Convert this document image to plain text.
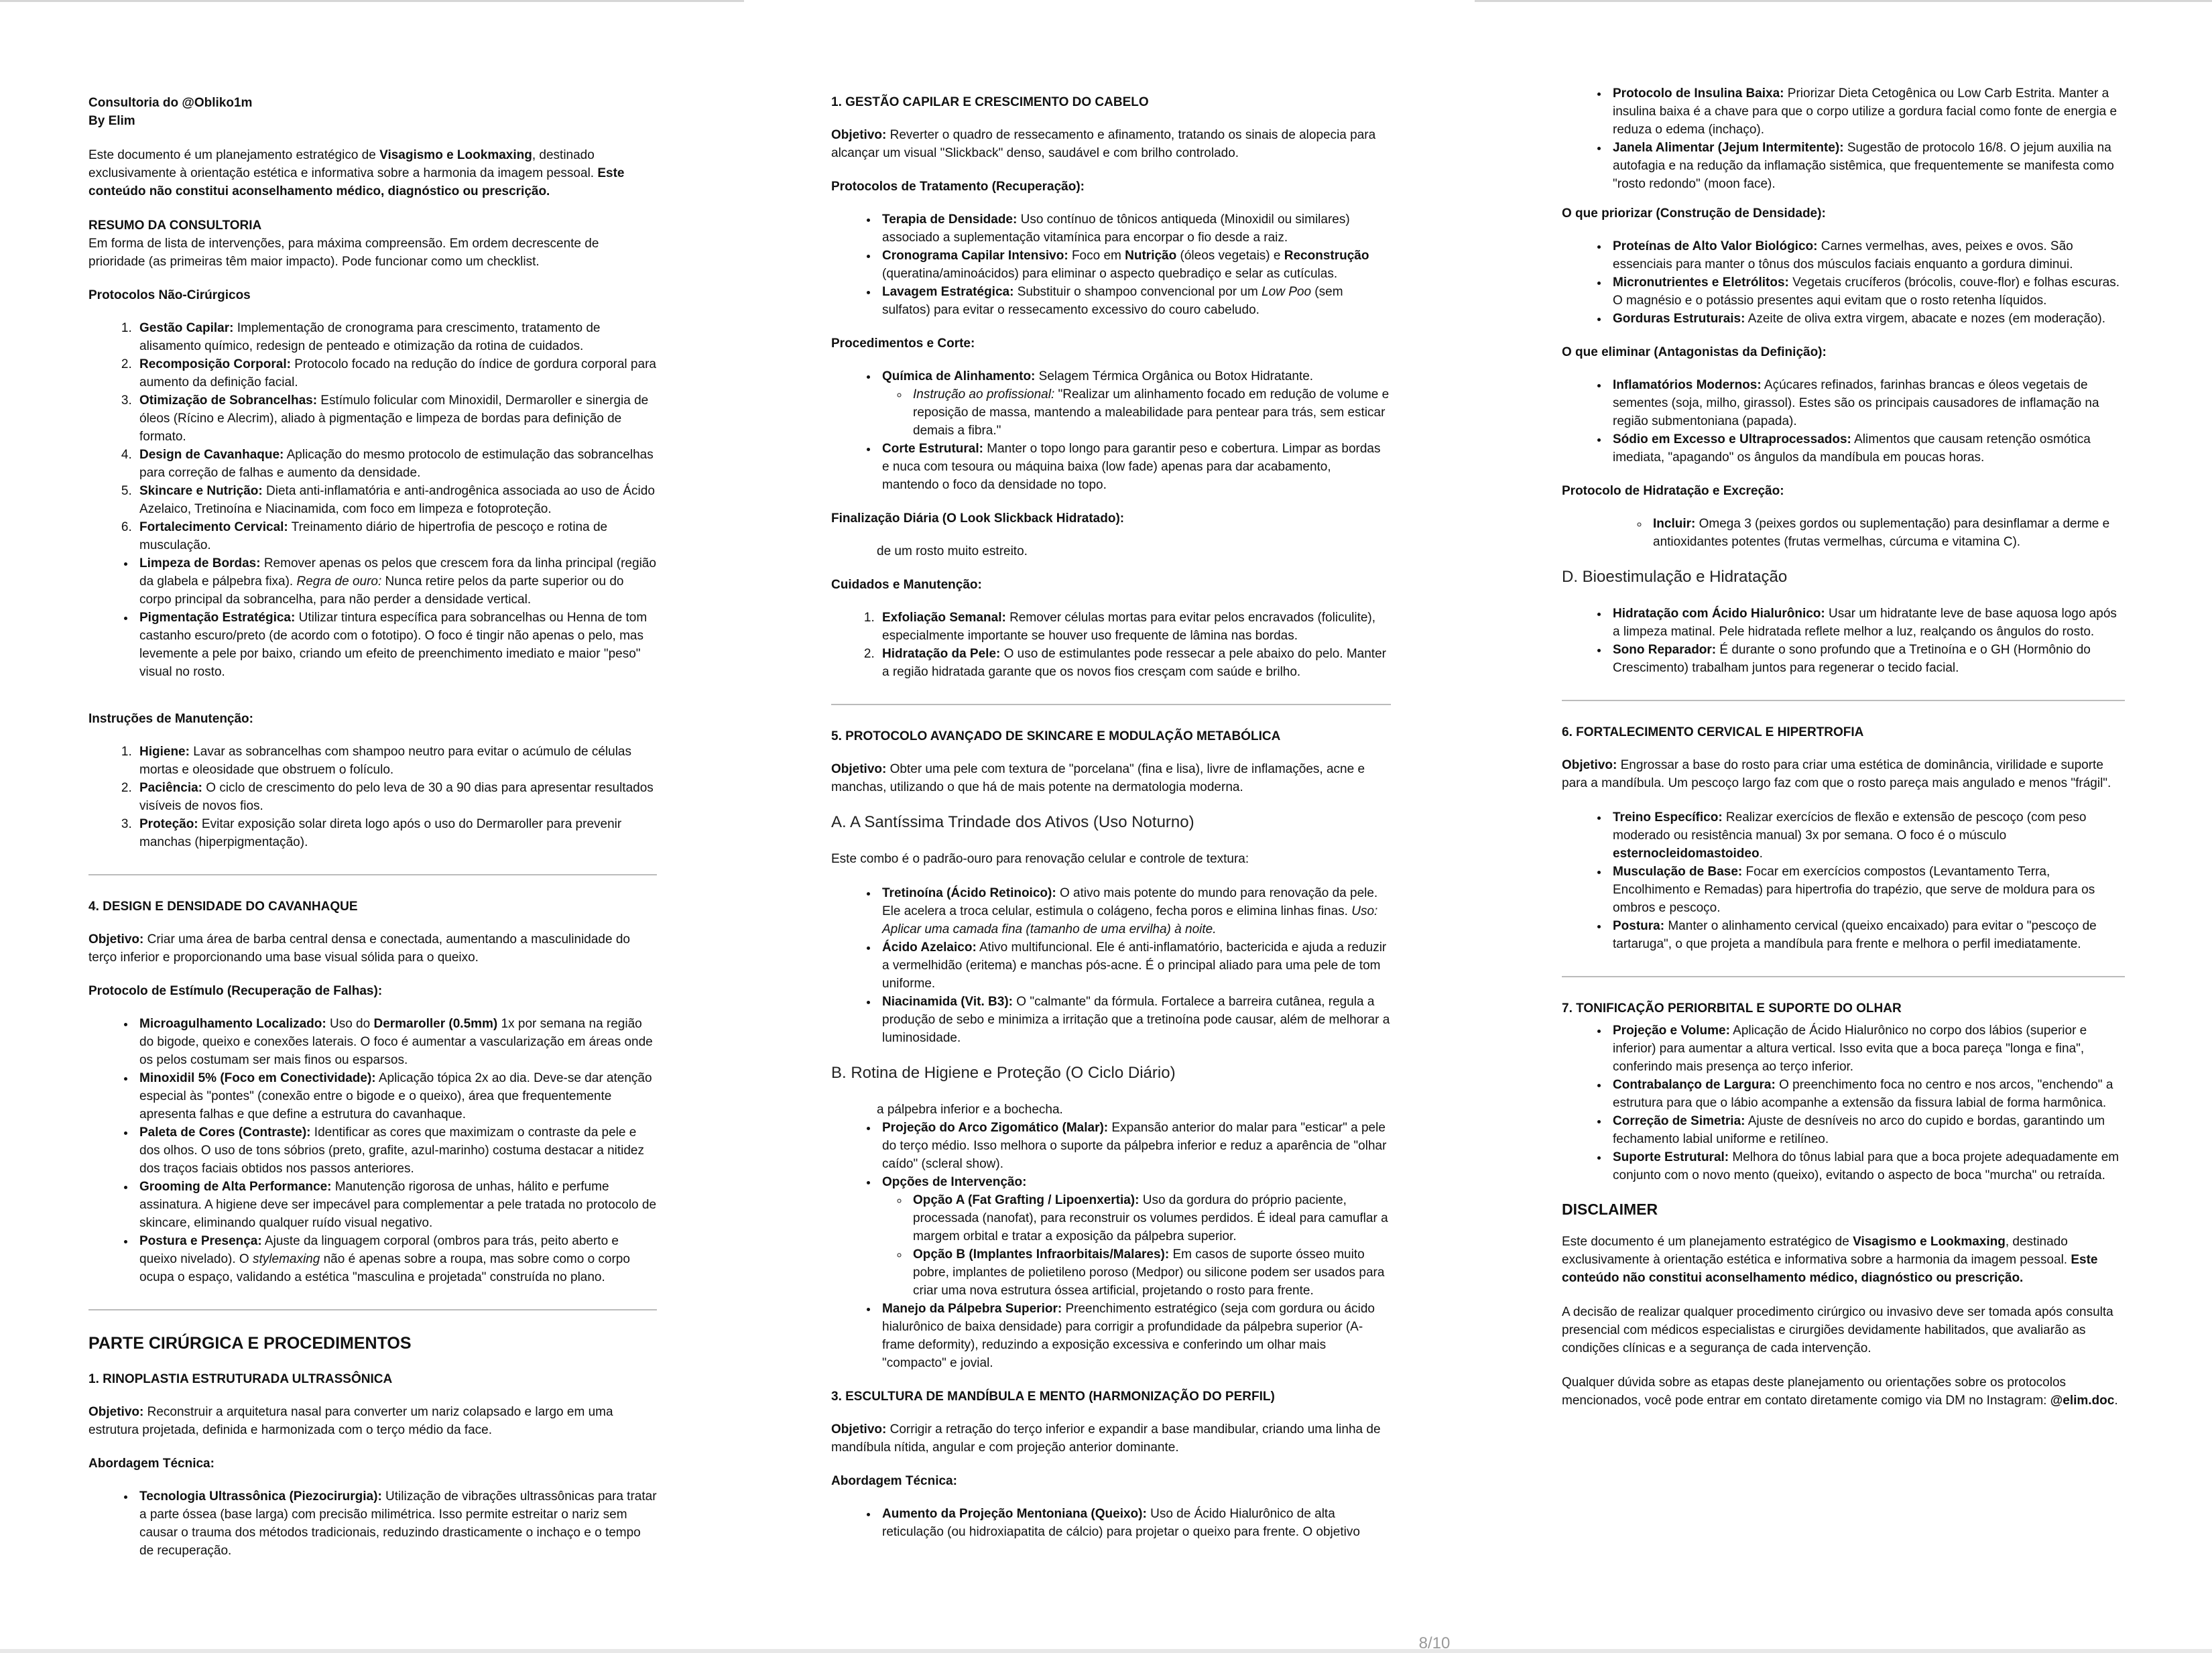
Consultoria do @Obliko1m
By Elim

Este documento é um planejamento estratégico de Visagismo e Lookmaxing, destinado exclusivamente à orientação estética e informativa sobre a harmonia da imagem pessoal. Este conteúdo não constitui aconselhamento médico, diagnóstico ou prescrição.

RESUMO DA CONSULTORIA
Em forma de lista de intervenções, para máxima compreensão. Em ordem decrescente de prioridade (as primeiras têm maior impacto). Pode funcionar como um checklist.

Protocolos Não-Cirúrgicos
1. Gestão Capilar: Implementação de cronograma para crescimento, tratamento de alisamento químico, redesign de penteado e otimização da rotina de cuidados.
2. Recomposição Corporal: Protocolo focado na redução do índice de gordura corporal para aumento da definição facial.
3. Otimização de Sobrancelhas: Estímulo folicular com Minoxidil, Dermaroller e sinergia de óleos (Rícino e Alecrim), aliado à pigmentação e limpeza de bordas para definição de formato.
4. Design de Cavanhaque: Aplicação do mesmo protocolo de estimulação das sobrancelhas para correção de falhas e aumento da densidade.
5. Skincare e Nutrição: Dieta anti-inflamatória e anti-androgênica associada ao uso de Ácido Azelaico, Tretinoína e Niacinamida, com foco em limpeza e fotoproteção.
6. Fortalecimento Cervical: Treinamento diário de hipertrofia de pescoço e rotina de musculação.
• Limpeza de Bordas: Remover apenas os pelos que crescem fora da linha principal (região da glabela e pálpebra fixa). Regra de ouro: Nunca retire pelos da parte superior ou do corpo principal da sobrancelha, para não perder a densidade vertical.
• Pigmentação Estratégica: Utilizar tintura específica para sobrancelhas ou Henna de tom castanho escuro/preto (de acordo com o fototipo). O foco é tingir não apenas o pelo, mas levemente a pele por baixo, criando um efeito de preenchimento imediato e maior "peso" visual no rosto.
Instruções de Manutenção:
1. Higiene: Lavar as sobrancelhas com shampoo neutro para evitar o acúmulo de células mortas e oleosidade que obstruem o folículo.
2. Paciência: O ciclo de crescimento do pelo leva de 30 a 90 dias para apresentar resultados visíveis de novos fios.
3. Proteção: Evitar exposição solar direta logo após o uso do Dermaroller para prevenir manchas (hiperpigmentação).
4. DESIGN E DENSIDADE DO CAVANHAQUE

Objetivo: Criar uma área de barba central densa e conectada, aumentando a masculinidade do terço inferior e proporcionando uma base visual sólida para o queixo.

Protocolo de Estímulo (Recuperação de Falhas):
• Microagulhamento Localizado: Uso do Dermaroller (0.5mm) 1x por semana na região do bigode, queixo e conexões laterais. O foco é aumentar a vascularização em áreas onde os pelos costumam ser mais finos ou esparsos.
• Minoxidil 5% (Foco em Conectividade): Aplicação tópica 2x ao dia. Deve-se dar atenção especial às "pontes" (conexão entre o bigode e o queixo), área que frequentemente apresenta falhas e que define a estrutura do cavanhaque.
• Paleta de Cores (Contraste): Identificar as cores que maximizam o contraste da pele e dos olhos. O uso de tons sóbrios (preto, grafite, azul-marinho) costuma destacar a nitidez dos traços faciais obtidos nos passos anteriores.
• Grooming de Alta Performance: Manutenção rigorosa de unhas, hálito e perfume assinatura. A higiene deve ser impecável para complementar a pele tratada no protocolo de skincare, eliminando qualquer ruído visual negativo.
• Postura e Presença: Ajuste da linguagem corporal (ombros para trás, peito aberto e queixo nivelado). O stylemaxing não é apenas sobre a roupa, mas sobre como o corpo ocupa o espaço, validando a estética "masculina e projetada" construída no plano.
PARTE CIRÚRGICA E PROCEDIMENTOS
1. RINOPLASTIA ESTRUTURADA ULTRASSÔNICA

Objetivo: Reconstruir a arquitetura nasal para converter um nariz colapsado e largo em uma estrutura projetada, definida e harmonizada com o terço médio da face.

Abordagem Técnica:
• Tecnologia Ultrassônica (Piezocirurgia): Utilização de vibrações ultrassônicas para tratar a parte óssea (base larga) com precisão milimétrica. Isso permite estreitar o nariz sem causar o trauma dos métodos tradicionais, reduzindo drasticamente o inchaço e o tempo de recuperação.
1. GESTÃO CAPILAR E CRESCIMENTO DO CABELO

Objetivo: Reverter o quadro de ressecamento e afinamento, tratando os sinais de alopecia para alcançar um visual "Slickback" denso, saudável e com brilho controlado.

Protocolos de Tratamento (Recuperação):
• Terapia de Densidade: Uso contínuo de tônicos antiqueda (Minoxidil ou similares) associado a suplementação vitamínica para encorpar o fio desde a raiz.
• Cronograma Capilar Intensivo: Foco em Nutrição (óleos vegetais) e Reconstrução (queratina/aminoácidos) para eliminar o aspecto quebradiço e selar as cutículas.
• Lavagem Estratégica: Substituir o shampoo convencional por um Low Poo (sem sulfatos) para evitar o ressecamento excessivo do couro cabeludo.
Procedimentos e Corte:
• Química de Alinhamento: Selagem Térmica Orgânica ou Botox Hidratante.
◦ Instrução ao profissional: "Realizar um alinhamento focado em redução de volume e reposição de massa, mantendo a maleabilidade para pentear para trás, sem esticar demais a fibra."
• Corte Estrutural: Manter o topo longo para garantir peso e cobertura. Limpar as bordas e nuca com tesoura ou máquina baixa (low fade) apenas para dar acabamento, mantendo o foco da densidade no topo.
Finalização Diária (O Look Slickback Hidratado):

de um rosto muito estreito.

Cuidados e Manutenção:
1. Exfoliação Semanal: Remover células mortas para evitar pelos encravados (foliculite), especialmente importante se houver uso frequente de lâmina nas bordas.
2. Hidratação da Pele: O uso de estimulantes pode ressecar a pele abaixo do pelo. Manter a região hidratada garante que os novos fios cresçam com saúde e brilho.
5. PROTOCOLO AVANÇADO DE SKINCARE E MODULAÇÃO METABÓLICA

Objetivo: Obter uma pele com textura de "porcelana" (fina e lisa), livre de inflamações, acne e manchas, utilizando o que há de mais potente na dermatologia moderna.

A. A Santíssima Trindade dos Ativos (Uso Noturno)

Este combo é o padrão-ouro para renovação celular e controle de textura:

• Tretinoína (Ácido Retinoico): O ativo mais potente do mundo para renovação da pele. Ele acelera a troca celular, estimula o colágeno, fecha poros e elimina linhas finas. Uso: Aplicar uma camada fina (tamanho de uma ervilha) à noite.
• Ácido Azelaico: Ativo multifuncional. Ele é anti-inflamatório, bactericida e ajuda a reduzir a vermelhidão (eritema) e manchas pós-acne. É o principal aliado para uma pele de tom uniforme.
• Niacinamida (Vit. B3): O "calmante" da fórmula. Fortalece a barreira cutânea, regula a produção de sebo e minimiza a irritação que a tretinoína pode causar, além de melhorar a luminosidade.
B. Rotina de Higiene e Proteção (O Ciclo Diário)

a pálpebra inferior e a bochecha.

• Projeção do Arco Zigomático (Malar): Expansão anterior do malar para "esticar" a pele do terço médio. Isso melhora o suporte da pálpebra inferior e reduz a aparência de "olhar caído" (scleral show).
• Opções de Intervenção:
◦ Opção A (Fat Grafting / Lipoenxertia): Uso da gordura do próprio paciente, processada (nanofat), para reconstruir os volumes perdidos. É ideal para camuflar a margem orbital e tratar a exposição da pálpebra superior.
◦ Opção B (Implantes Infraorbitais/Malares): Em casos de suporte ósseo muito pobre, implantes de polietileno poroso (Medpor) ou silicone podem ser usados para criar uma nova estrutura óssea artificial, projetando o rosto para frente.
• Manejo da Pálpebra Superior: Preenchimento estratégico (seja com gordura ou ácido hialurônico de baixa densidade) para corrigir a profundidade da pálpebra superior (A-frame deformity), reduzindo a exposição excessiva e conferindo um olhar mais "compacto" e jovial.
3. ESCULTURA DE MANDÍBULA E MENTO (HARMONIZAÇÃO DO PERFIL)

Objetivo: Corrigir a retração do terço inferior e expandir a base mandibular, criando uma linha de mandíbula nítida, angular e com projeção anterior dominante.

Abordagem Técnica:
• Aumento da Projeção Mentoniana (Queixo): Uso de Ácido Hialurônico de alta reticulação (ou hidroxiapatita de cálcio) para projetar o queixo para frente. O objetivo
• Protocolo de Insulina Baixa: Priorizar Dieta Cetogênica ou Low Carb Estrita. Manter a insulina baixa é a chave para que o corpo utilize a gordura facial como fonte de energia e reduza o edema (inchaço).
• Janela Alimentar (Jejum Intermitente): Sugestão de protocolo 16/8. O jejum auxilia na autofagia e na redução da inflamação sistêmica, que frequentemente se manifesta como "rosto redondo" (moon face).
O que priorizar (Construção de Densidade):
• Proteínas de Alto Valor Biológico: Carnes vermelhas, aves, peixes e ovos. São essenciais para manter o tônus dos músculos faciais enquanto a gordura diminui.
• Micronutrientes e Eletrólitos: Vegetais crucíferos (brócolis, couve-flor) e folhas escuras. O magnésio e o potássio presentes aqui evitam que o rosto retenha líquidos.
• Gorduras Estruturais: Azeite de oliva extra virgem, abacate e nozes (em moderação).
O que eliminar (Antagonistas da Definição):
• Inflamatórios Modernos: Açúcares refinados, farinhas brancas e óleos vegetais de sementes (soja, milho, girassol). Estes são os principais causadores de inflamação na região submentoniana (papada).
• Sódio em Excesso e Ultraprocessados: Alimentos que causam retenção osmótica imediata, "apagando" os ângulos da mandíbula em poucas horas.
Protocolo de Hidratação e Excreção:
◦ Incluir: Omega 3 (peixes gordos ou suplementação) para desinflamar a derme e antioxidantes potentes (frutas vermelhas, cúrcuma e vitamina C).
D. Bioestimulação e Hidratação
• Hidratação com Ácido Hialurônico: Usar um hidratante leve de base aquosa logo após a limpeza matinal. Pele hidratada reflete melhor a luz, realçando os ângulos do rosto.
• Sono Reparador: É durante o sono profundo que a Tretinoína e o GH (Hormônio do Crescimento) trabalham juntos para regenerar o tecido facial.
6. FORTALECIMENTO CERVICAL E HIPERTROFIA

Objetivo: Engrossar a base do rosto para criar uma estética de dominância, virilidade e suporte para a mandíbula. Um pescoço largo faz com que o rosto pareça mais angulado e menos "frágil".

• Treino Específico: Realizar exercícios de flexão e extensão de pescoço (com peso moderado ou resistência manual) 3x por semana. O foco é o músculo esternocleidomastoideo.
• Musculação de Base: Focar em exercícios compostos (Levantamento Terra, Encolhimento e Remadas) para hipertrofia do trapézio, que serve de moldura para os ombros e pescoço.
• Postura: Manter o alinhamento cervical (queixo encaixado) para evitar o "pescoço de tartaruga", o que projeta a mandíbula para frente e melhora o perfil imediatamente.
7. TONIFICAÇÃO PERIORBITAL E SUPORTE DO OLHAR
• Projeção e Volume: Aplicação de Ácido Hialurônico no corpo dos lábios (superior e inferior) para aumentar a altura vertical. Isso evita que a boca pareça "longa e fina", conferindo mais presença ao terço inferior.
• Contrabalanço de Largura: O preenchimento foca no centro e nos arcos, "enchendo" a estrutura para que o lábio acompanhe a extensão da fissura labial de forma harmônica.
• Correção de Simetria: Ajuste de desníveis no arco do cupido e bordas, garantindo um fechamento labial uniforme e retilíneo.
• Suporte Estrutural: Melhora do tônus labial para que a boca projete adequadamente em conjunto com o novo mento (queixo), evitando o aspecto de boca "murcha" ou retraída.
DISCLAIMER

Este documento é um planejamento estratégico de Visagismo e Lookmaxing, destinado exclusivamente à orientação estética e informativa sobre a harmonia da imagem pessoal. Este conteúdo não constitui aconselhamento médico, diagnóstico ou prescrição.

A decisão de realizar qualquer procedimento cirúrgico ou invasivo deve ser tomada após consulta presencial com médicos especialistas e cirurgiões devidamente habilitados, que avaliarão as condições clínicas e a segurança de cada intervenção.

Qualquer dúvida sobre as etapas deste planejamento ou orientações sobre os protocolos mencionados, você pode entrar em contato diretamente comigo via DM no Instagram: @elim.doc.

8/10
